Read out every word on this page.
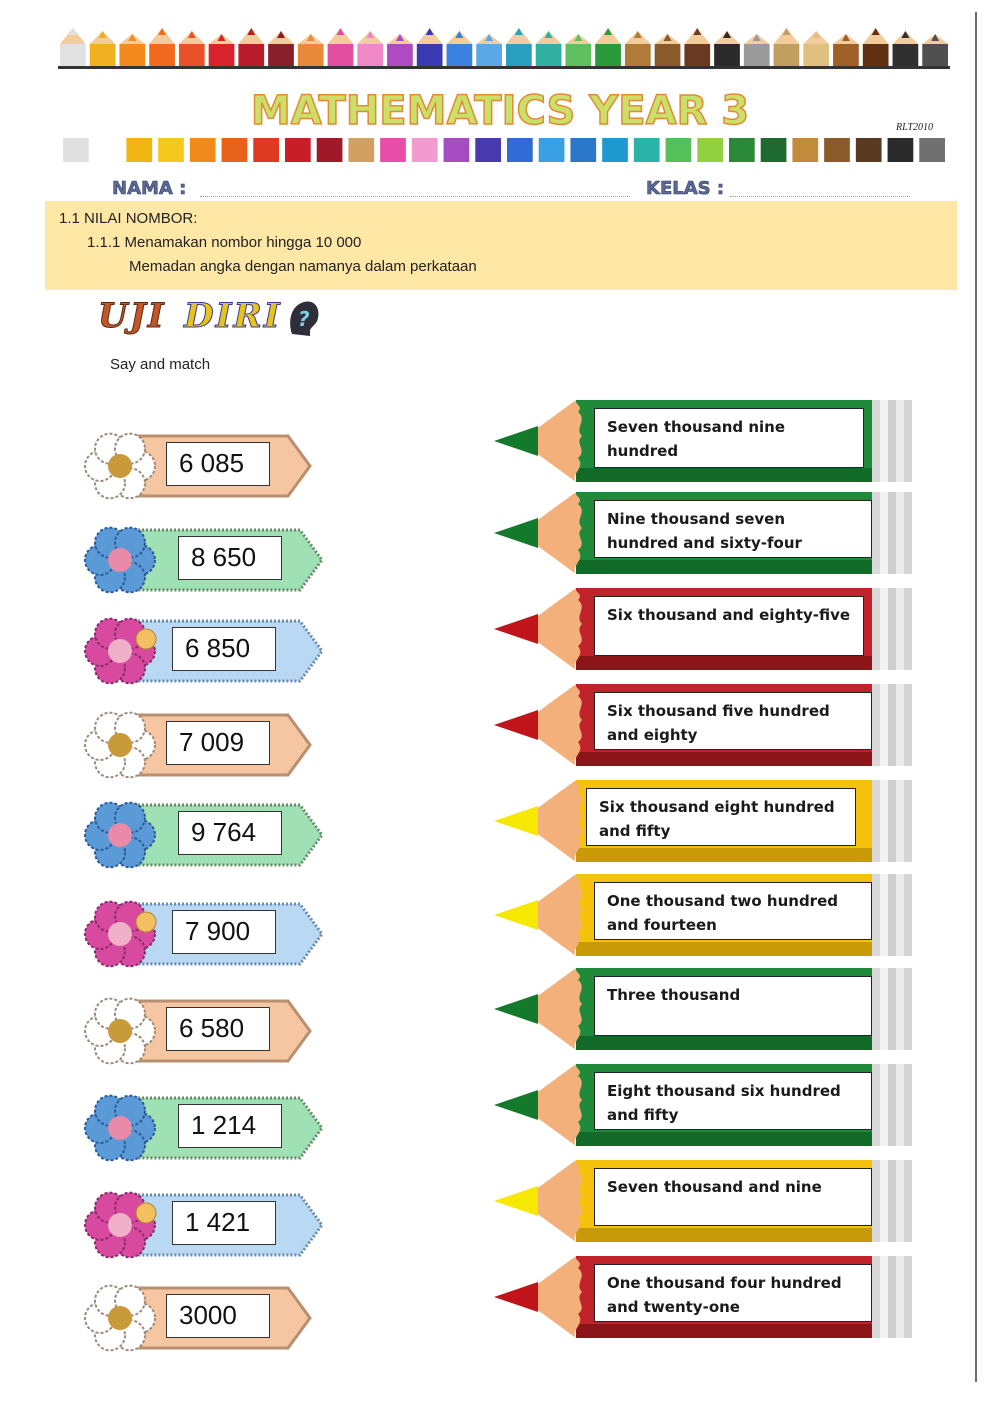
MATHEMATICS YEAR 3	RLT2010
NAMA :	KELAS :
1.1 NILAI NOMBOR:
1.1.1 Menamakan nombor hingga 10 000
Memadan angka dengan namanya dalam perkataan
UJI DIRI ?
Say and match
6 085
8 650
6 850
7 009
9 764
7 900
6 580
1 214
1 421
3000
Seven thousand nine hundred
Nine thousand seven hundred and sixty-four
Six thousand and eighty-five
Six thousand five hundred and eighty
Six thousand eight hundred and fifty
One thousand two hundred and fourteen
Three thousand
Eight thousand six hundred and fifty
Seven thousand and nine
One thousand four hundred and twenty-one
